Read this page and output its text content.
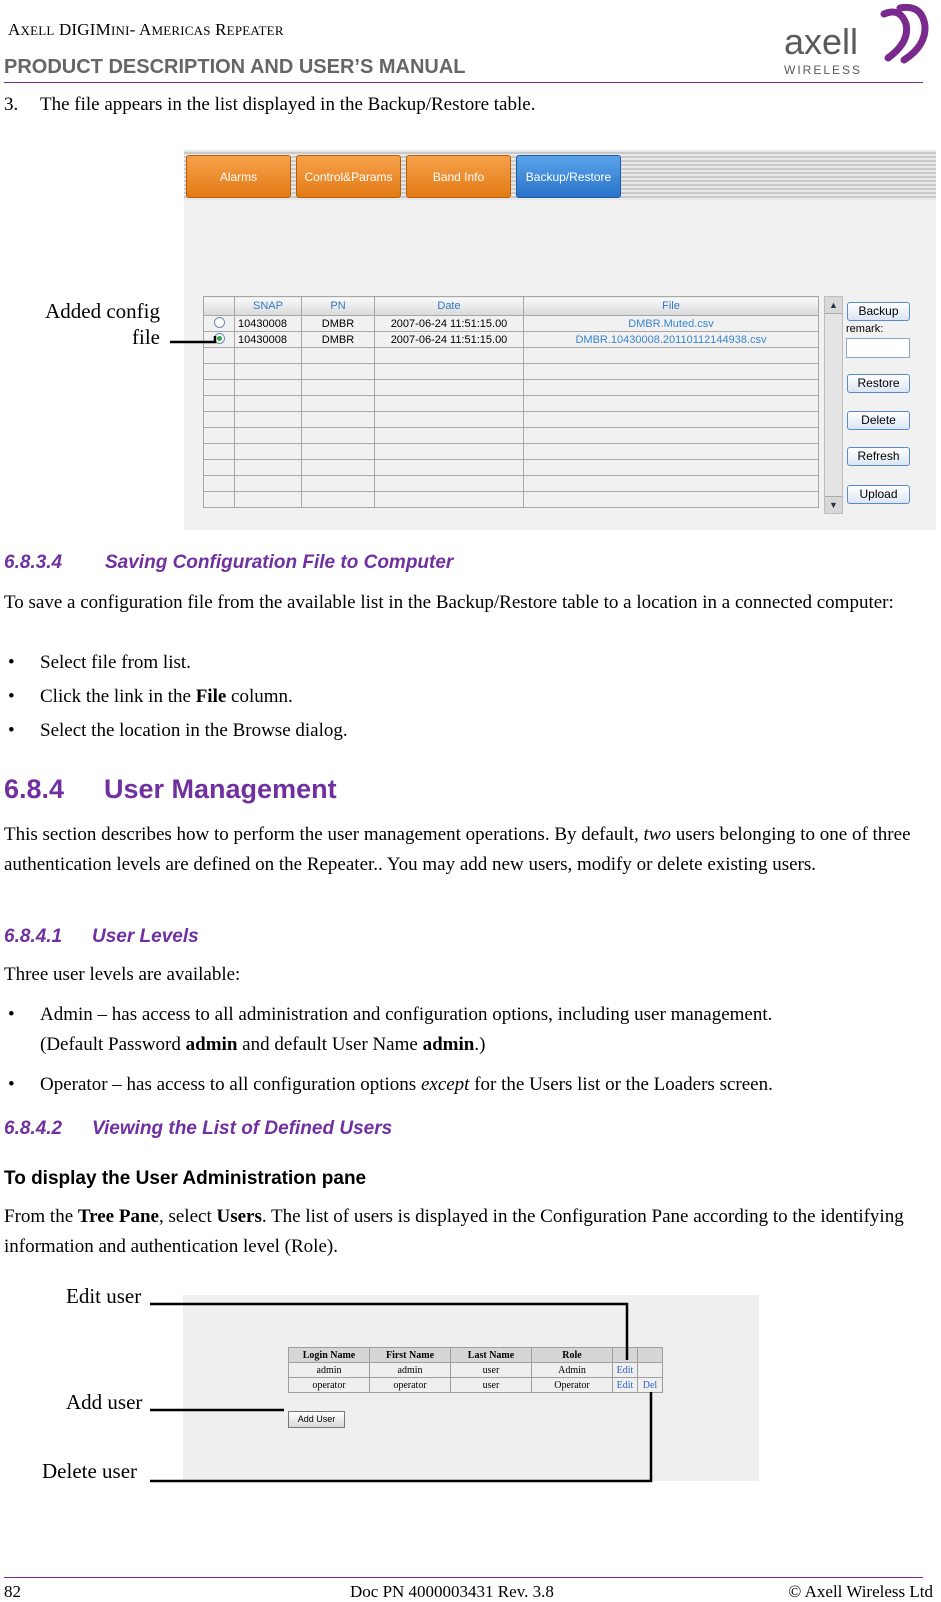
AXELL DIGIMINI- AMERICAS REPEATER
PRODUCT DESCRIPTION AND USER’S MANUAL
axell
WIRELESS
3. The file appears in the list displayed in the Backup/Restore table.
Alarms	Control&Params	Band Info	Backup/Restore
	SNAP	PN	Date	File
	10430008	DMBR	2007-06-24 11:51:15.00	DMBR.Muted.csv

	10430008	DMBR	2007-06-24 11:51:15.00	DMBR.10430008.20110112144938.csv

▲
▼
Backup
remark:
Restore
Delete
Refresh
Upload
Added config
file
6.8.3.4 Saving Configuration File to Computer
To save a configuration file from the available list in the Backup/Restore table to a location in a connected computer:
• Select file from list.
• Click the link in the File column.
• Select the location in the Browse dialog.
6.8.4 User Management
This section describes how to perform the user management operations. By default, two users belonging to one of three authentication levels are defined on the Repeater.. You may add new users, modify or delete existing users.
6.8.4.1 User Levels
Three user levels are available:
• Admin – has access to all administration and configuration options, including user management.
(Default Password admin and default User Name admin.)
• Operator – has access to all configuration options except for the Users list or the Loaders screen.
6.8.4.2 Viewing the List of Defined Users
To display the User Administration pane
From the Tree Pane, select Users. The list of users is displayed in the Configuration Pane according to the identifying information and authentication level (Role).
Login Name	First Name	Last Name	Role		
admin	admin	user	Admin	Edit	
operator	operator	user	Operator	Edit	Del
Add User
Edit user
Add user
Delete user
82	Doc PN 4000003431 Rev. 3.8	© Axell Wireless Ltd
